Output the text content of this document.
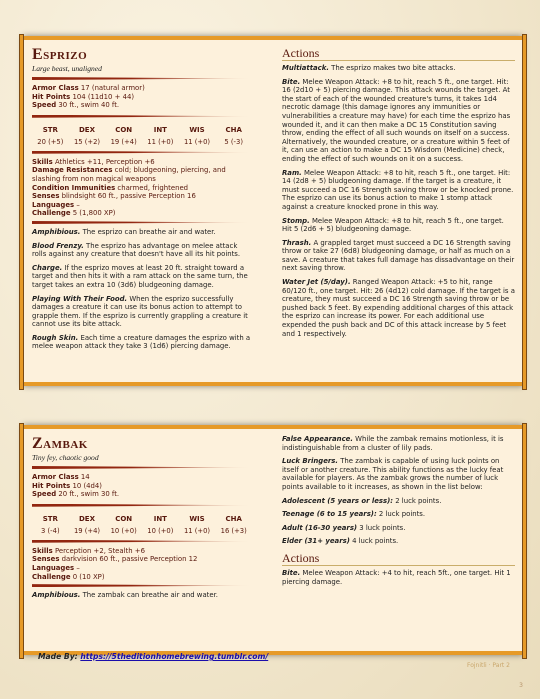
Esprizo
Large beast, unaligned
Armor Class 17 (natural armor)
Hit Points 104 (11d10 + 44)
Speed 30 ft., swim 40 ft.
STR
20 (+5)
DEX
15 (+2)
CON
19 (+4)
INT
11 (+0)
WIS
11 (+0)
CHA
5 (-3)
Skills Athletics +11, Perception +6
Damage Resistances cold; bludgeoning, piercing, and slashing from non magical weapons
Condition Immunities charmed, frightened
Senses blindsight 60 ft., passive Perception 16
Languages –
Challenge 5 (1,800 XP)

Amphibious. The esprizo can breathe air and water.

Blood Frenzy. The esprizo has advantage on melee attack rolls against any creature that doesn't have all its hit points.

Charge. If the esprizo moves at least 20 ft. straight toward a target and then hits it with a ram attack on the same turn, the target takes an extra 10 (3d6) bludgeoning damage.

Playing With Their Food. When the esprizo successfully damages a creature it can use its bonus action to attempt to grapple them. If the esprizo is currently grappling a creature it cannot use its bite attack.

Rough Skin. Each time a creature damages the esprizo with a melee weapon attack they take 3 (1d6) piercing damage.

Actions

Multiattack. The esprizo makes two bite attacks.

Bite. Melee Weapon Attack: +8 to hit, reach 5 ft., one target. Hit: 16 (2d10 + 5) piercing damage. This attack wounds the target. At the start of each of the wounded creature's turns, it takes 1d4 necrotic damage (this damage ignores any immunities or vulnerabilities a creature may have) for each time the esprizo has wounded it, and it can then make a DC 15 Constitution saving throw, ending the effect of all such wounds on itself on a success. Alternatively, the wounded creature, or a creature within 5 feet of it, can use an action to make a DC 15 Wisdom (Medicine) check, ending the effect of such wounds on it on a success.

Ram. Melee Weapon Attack: +8 to hit, reach 5 ft., one target. Hit: 14 (2d8 + 5) bludgeoning damage. If the target is a creature, it must succeed a DC 16 Strength saving throw or be knocked prone. The esprizo can use its bonus action to make 1 stomp attack against a creature knocked prone in this way.

Stomp. Melee Weapon Attack: +8 to hit, reach 5 ft., one target. Hit 5 (2d6 + 5) bludgeoning damage.

Thrash. A grappled target must succeed a DC 16 Strength saving throw or take 27 (6d8) bludgeoning damage, or half as much on a save. A creature that takes full damage has dissadvantage on their next saving throw.

Water Jet (5/day). Ranged Weapon Attack: +5 to hit, range 60/120 ft., one target. Hit: 26 (4d12) cold damage. If the target is a creature, they must succeed a DC 16 Strength saving throw or be pushed back 5 feet. By expending additional charges of this attack the esprizo can increase its power. For each additional use expended the push back and DC of this attack increase by 5 feet and 1 respectively.

Zambak
Tiny fey, chaotic good
Armor Class 14
Hit Points 10 (4d4)
Speed 20 ft., swim 30 ft.
STR
3 (-4)
DEX
19 (+4)
CON
10 (+0)
INT
10 (+0)
WIS
11 (+0)
CHA
16 (+3)
Skills Perception +2, Stealth +6
Senses darkvision 60 ft., passive Perception 12
Languages –
Challenge 0 (10 XP)

Amphibious. The zambak can breathe air and water.

False Appearance. While the zambak remains motionless, it is indistinguishable from a cluster of lily pads.

Luck Bringers. The zambak is capable of using luck points on itself or another creature. This ability functions as the lucky feat available for players. As the zambak grows the number of luck points available to it increases, as shown in the list below:

Adolescent (5 years or less): 2 luck points.

Teenage (6 to 15 years): 2 luck points.

Adult (16-30 years) 3 luck points.

Elder (31+ years) 4 luck points.

Actions

Bite. Melee Weapon Attack: +4 to hit, reach 5ft., one target. Hit 1 piercing damage.

Made By: https://5theditionhomebrewing.tumblr.com/
Fojnitli · Part 2
3
